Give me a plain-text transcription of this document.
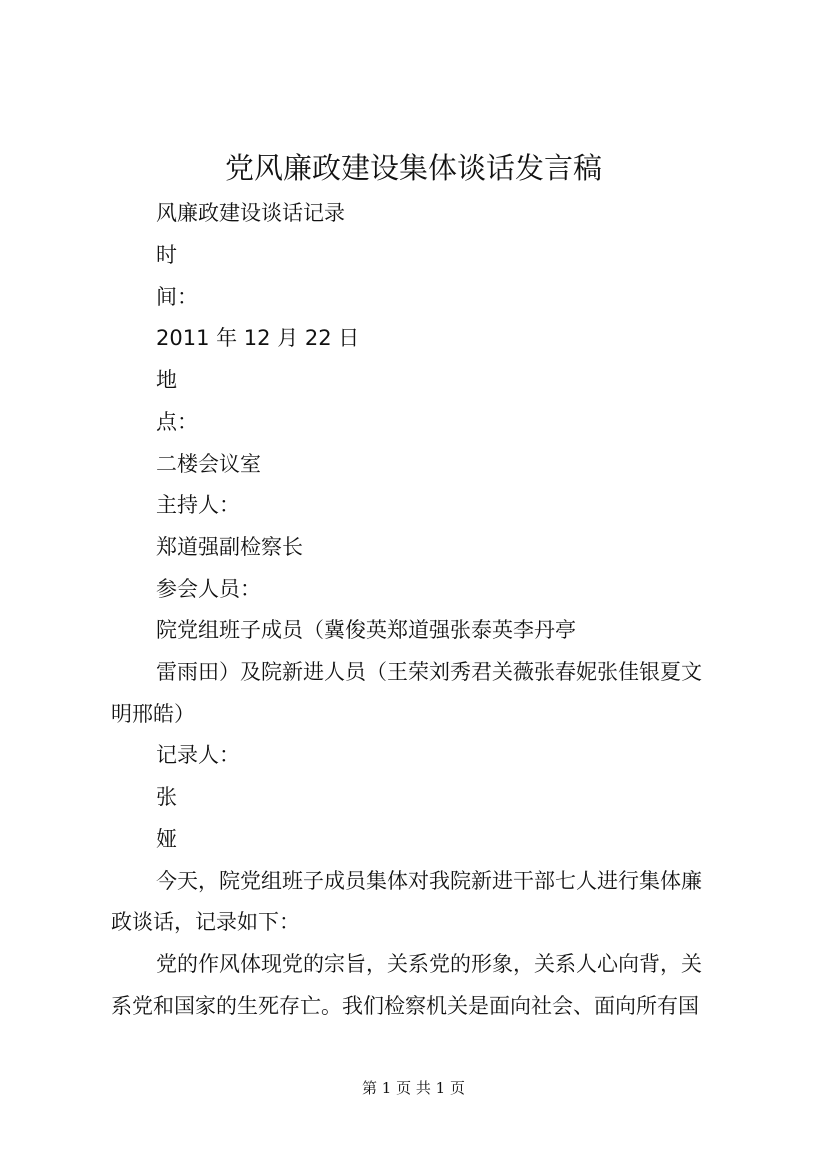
党风廉政建设集体谈话发言稿
风廉政建设谈话记录
时
间：
2011 年 12 月 22 日
地
点：
二楼会议室
主持人：
郑道强副检察长
参会人员：
院党组班子成员（冀俊英郑道强张泰英李丹亭
雷雨田）及院新进人员（王荣刘秀君关薇张春妮张佳银夏文
明邢皓）
记录人：
张
娅
今天，院党组班子成员集体对我院新进干部七人进行集体廉
政谈话，记录如下：
党的作风体现党的宗旨，关系党的形象，关系人心向背，关
系党和国家的生死存亡。我们检察机关是面向社会、面向所有国
第 1 页 共 1 页
